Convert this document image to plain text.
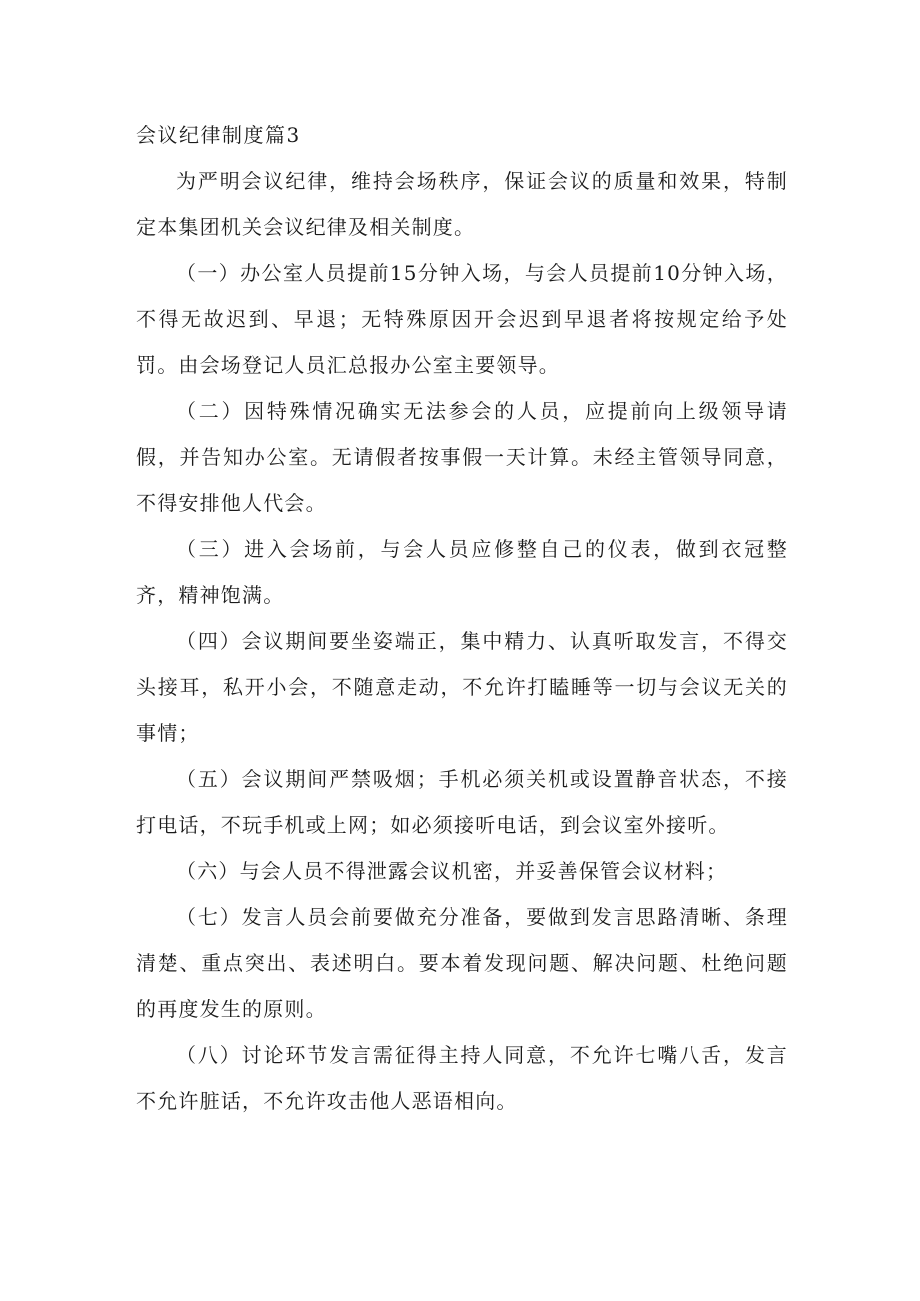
会议纪律制度篇3

为严明会议纪律，维持会场秩序，保证会议的质量和效果，特制定本集团机关会议纪律及相关制度。

（一）办公室人员提前15分钟入场，与会人员提前10分钟入场，不得无故迟到、早退；无特殊原因开会迟到早退者将按规定给予处罚。由会场登记人员汇总报办公室主要领导。

（二）因特殊情况确实无法参会的人员，应提前向上级领导请假，并告知办公室。无请假者按事假一天计算。未经主管领导同意，不得安排他人代会。

（三）进入会场前，与会人员应修整自己的仪表，做到衣冠整齐，精神饱满。

（四）会议期间要坐姿端正，集中精力、认真听取发言，不得交头接耳，私开小会，不随意走动，不允许打瞌睡等一切与会议无关的事情；

（五）会议期间严禁吸烟；手机必须关机或设置静音状态，不接打电话，不玩手机或上网；如必须接听电话，到会议室外接听。

（六）与会人员不得泄露会议机密，并妥善保管会议材料；

（七）发言人员会前要做充分准备，要做到发言思路清晰、条理清楚、重点突出、表述明白。要本着发现问题、解决问题、杜绝问题的再度发生的原则。

（八）讨论环节发言需征得主持人同意，不允许七嘴八舌，发言不允许脏话，不允许攻击他人恶语相向。
